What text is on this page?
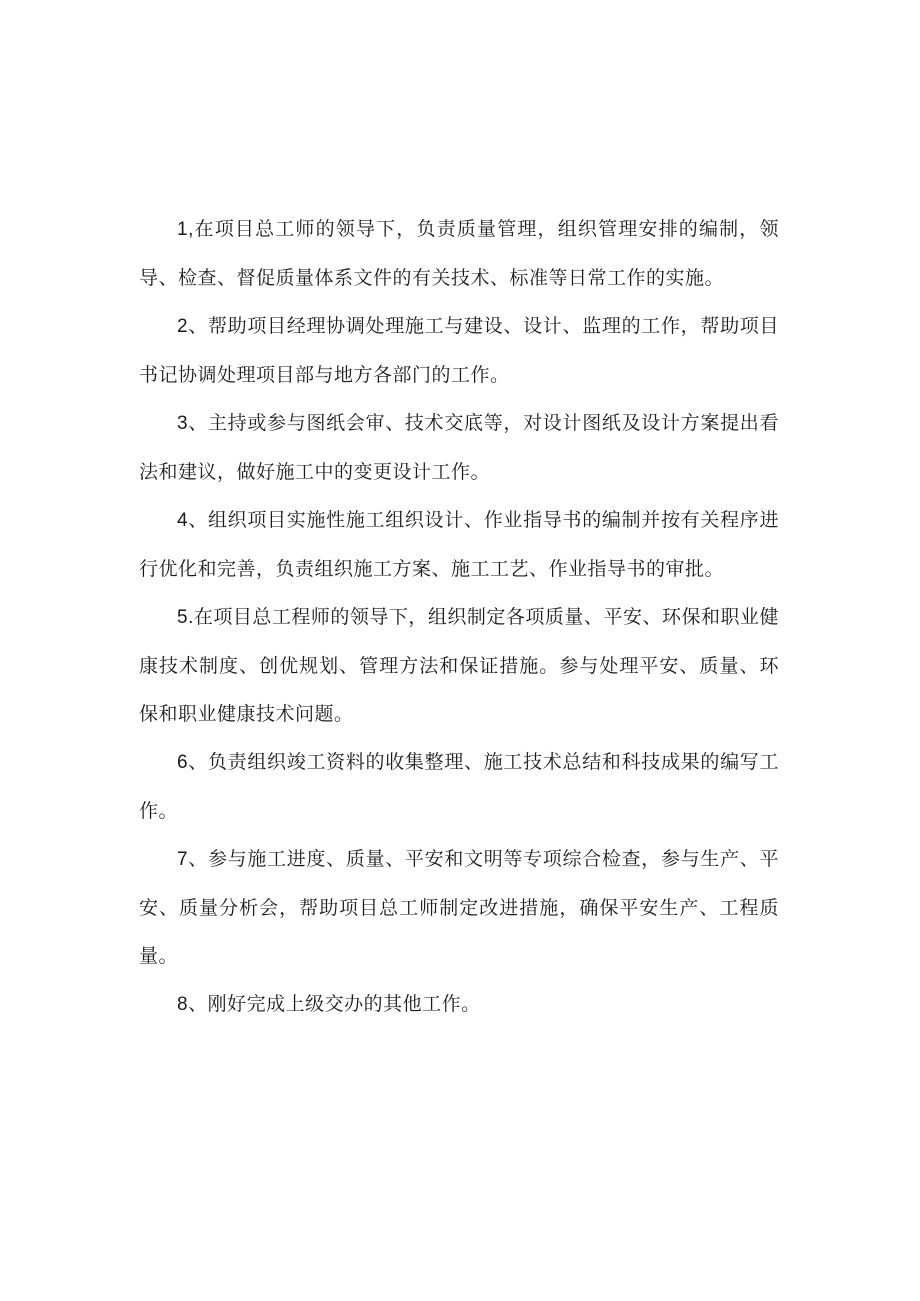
1,在项目总工师的领导下，负责质量管理，组织管理安排的编制，领导、检查、督促质量体系文件的有关技术、标准等日常工作的实施。

2、帮助项目经理协调处理施工与建设、设计、监理的工作，帮助项目书记协调处理项目部与地方各部门的工作。

3、主持或参与图纸会审、技术交底等，对设计图纸及设计方案提出看法和建议，做好施工中的变更设计工作。

4、组织项目实施性施工组织设计、作业指导书的编制并按有关程序进行优化和完善，负责组织施工方案、施工工艺、作业指导书的审批。

5.在项目总工程师的领导下，组织制定各项质量、平安、环保和职业健康技术制度、创优规划、管理方法和保证措施。参与处理平安、质量、环保和职业健康技术问题。

6、负责组织竣工资料的收集整理、施工技术总结和科技成果的编写工作。

7、参与施工进度、质量、平安和文明等专项综合检查，参与生产、平安、质量分析会，帮助项目总工师制定改进措施，确保平安生产、工程质量。

8、刚好完成上级交办的其他工作。
